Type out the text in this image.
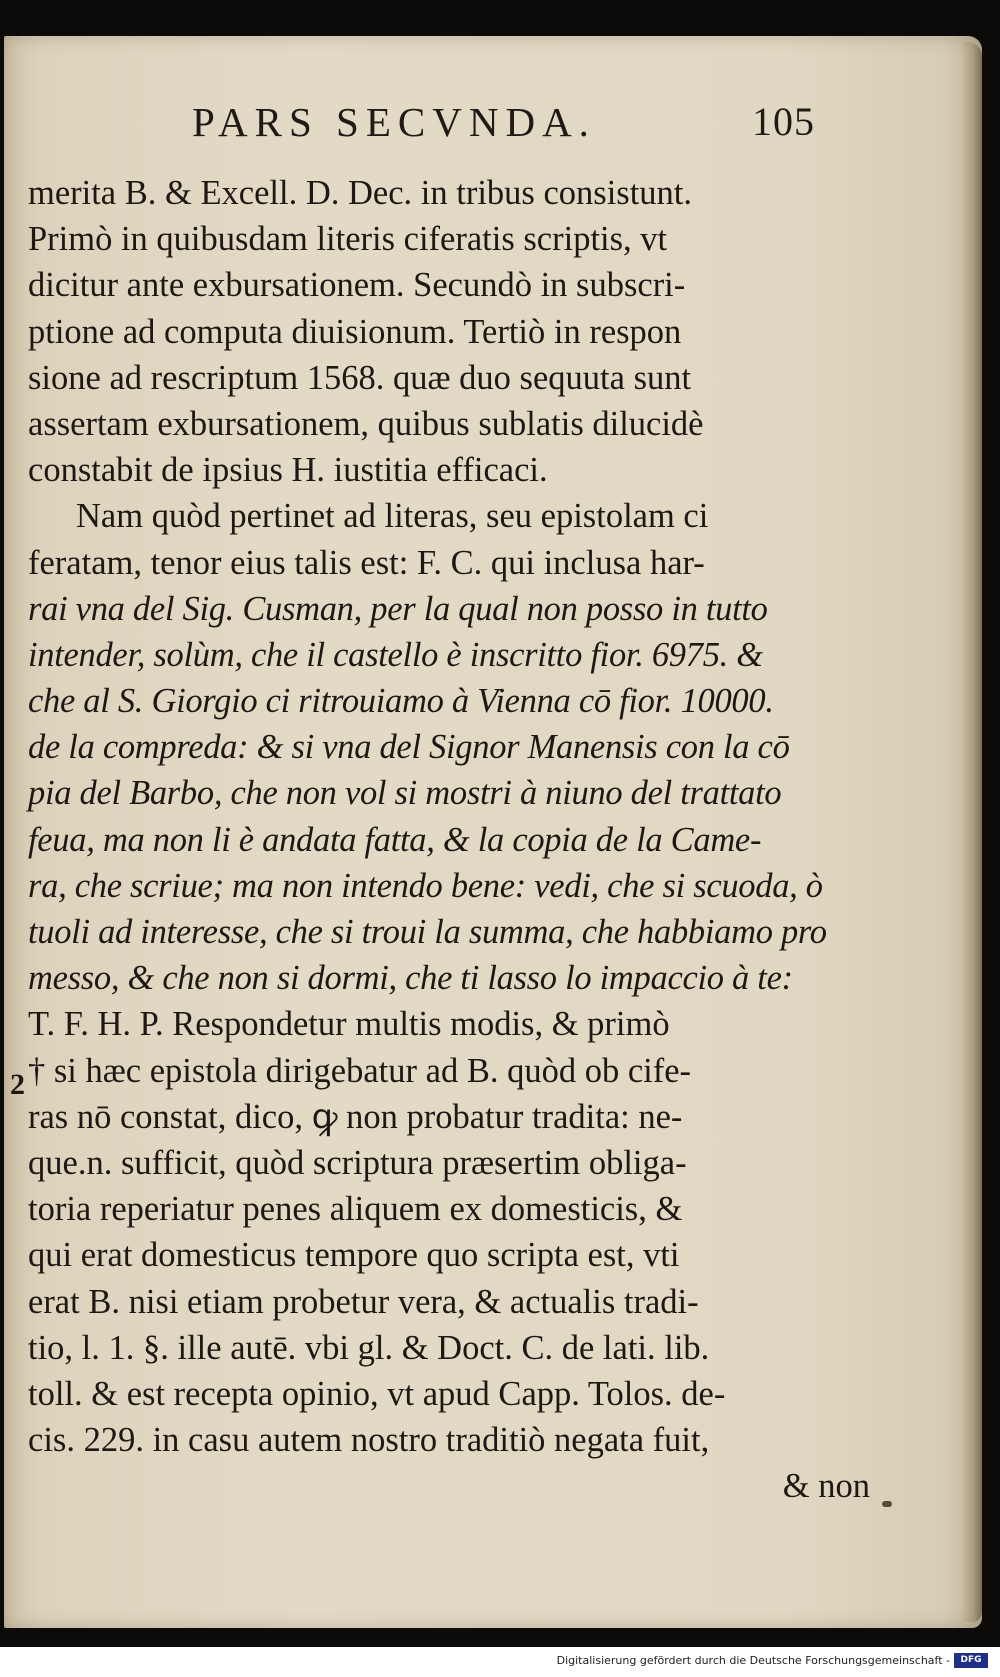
PARS SECVNDA.	105
2
merita B. & Excell. D. Dec. in tribus consistunt.
Primò in quibusdam literis ciferatis scriptis, vt
dicitur ante exbursationem. Secundò in subscri-
ptione ad computa diuisionum. Tertiò in respon
sione ad rescriptum 1568. quæ duo sequuta sunt
assertam exbursationem, quibus sublatis dilucidè
constabit de ipsius H. iustitia efficaci.
Nam quòd pertinet ad literas, seu epistolam ci
feratam, tenor eius talis est: F. C. qui inclusa har-
rai vna del Sig. Cusman, per la qual non posso in tutto
intender, solùm, che il castello è inscritto fior. 6975. &
che al S. Giorgio ci ritrouiamo à Vienna cō fior. 10000.
de la compreda: & si vna del Signor Manensis con la cō
pia del Barbo, che non vol si mostri à niuno del trattato
feua, ma non li è andata fatta, & la copia de la Came-
ra, che scriue; ma non intendo bene: vedi, che si scuoda, ò
tuoli ad interesse, che si troui la summa, che habbiamo pro
messo, & che non si dormi, che ti lasso lo impaccio à te:
T. F. H. P. Respondetur multis modis, & primò
† si hæc epistola dirigebatur ad B. quòd ob cife-
ras nō constat, dico, ꝙ non probatur tradita: ne-
que.n. sufficit, quòd scriptura præsertim obliga-
toria reperiatur penes aliquem ex domesticis, &
qui erat domesticus tempore quo scripta est, vti
erat B. nisi etiam probetur vera, & actualis tradi-
tio, l. 1. §. ille autē. vbi gl. & Doct. C. de lati. lib.
toll. & est recepta opinio, vt apud Capp. Tolos. de-
cis. 229. in casu autem nostro traditiò negata fuit,
& non
Digitalisierung gefördert durch die Deutsche Forschungsgemeinschaft -	DFG
